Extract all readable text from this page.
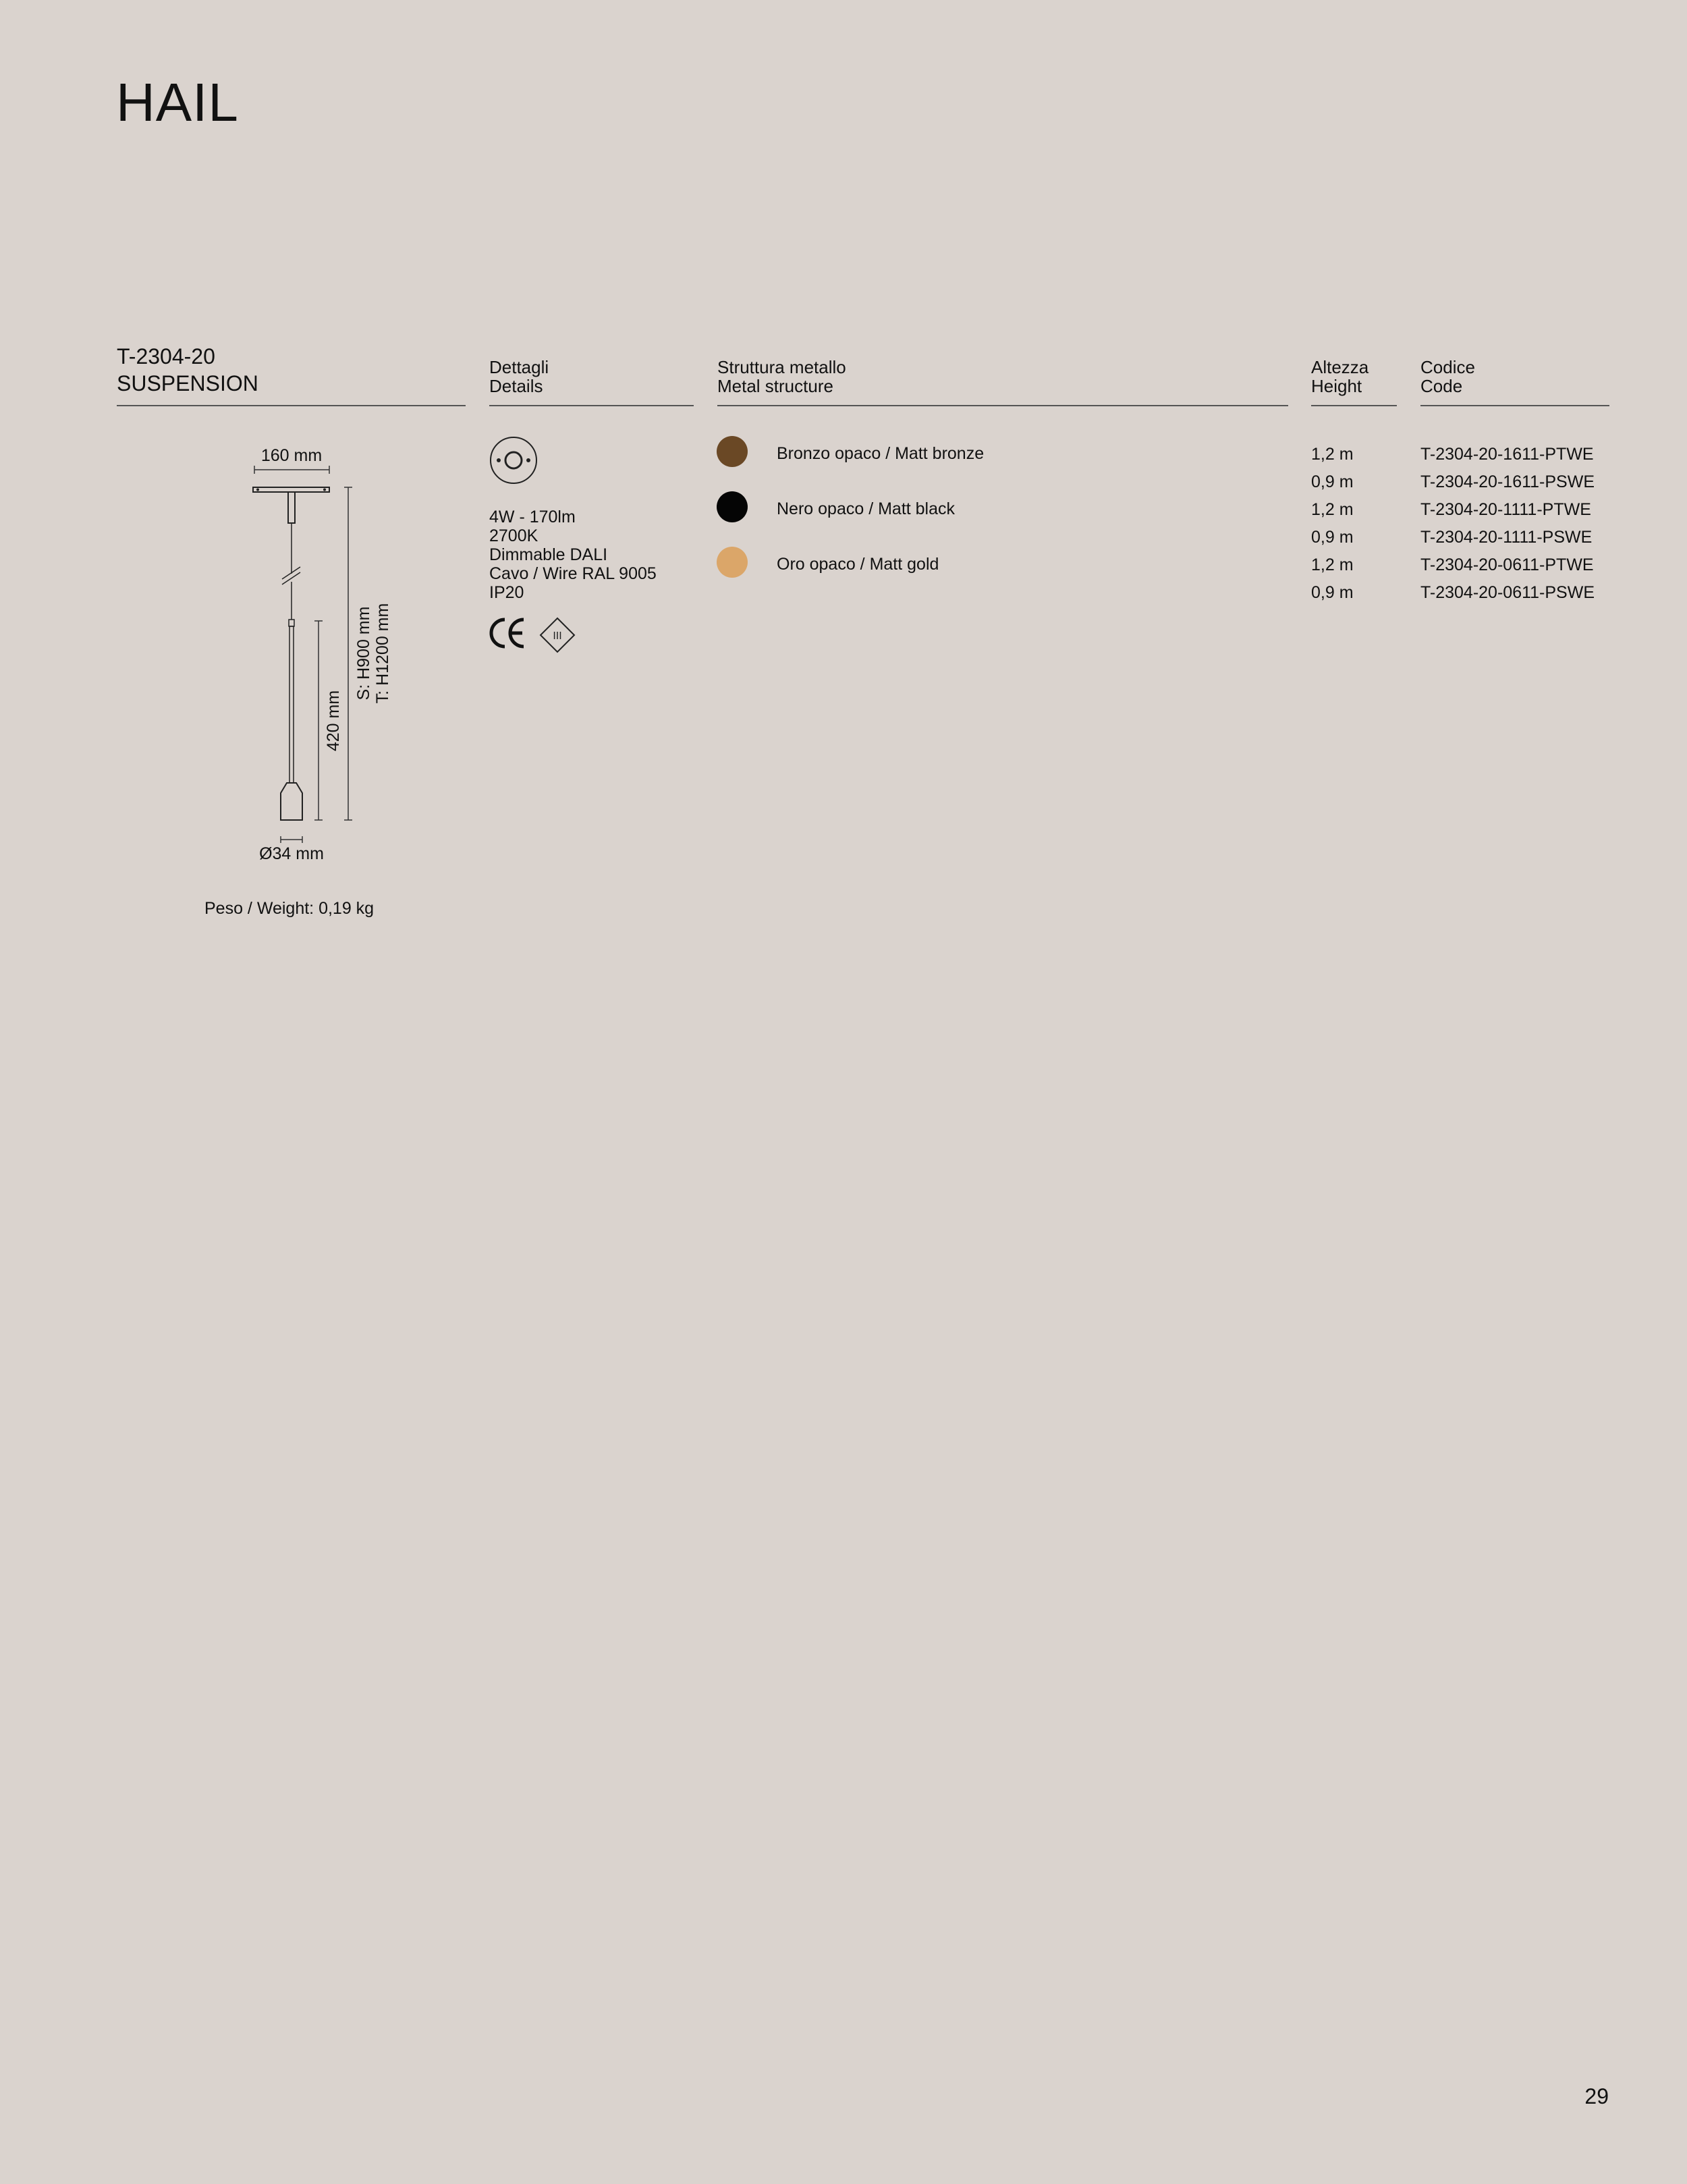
HAIL
T-2304-20
SUSPENSION
Dettagli
Details
Struttura metallo
Metal structure
Altezza
Height
Codice
Code
160 mm
420 mm
S: H900 mm T: H1200 mm
Ø34 mm
Peso / Weight: 0,19 kg
4W - 170lm
2700K
Dimmable DALI
Cavo / Wire RAL 9005
IP20
III
Bronzo opaco / Matt bronze
Nero opaco / Matt black
Oro opaco / Matt gold
1,2 m
0,9 m
1,2 m
0,9 m
1,2 m
0,9 m
T-2304-20-1611-PTWE
T-2304-20-1611-PSWE
T-2304-20-1111-PTWE
T-2304-20-1111-PSWE
T-2304-20-0611-PTWE
T-2304-20-0611-PSWE
29
